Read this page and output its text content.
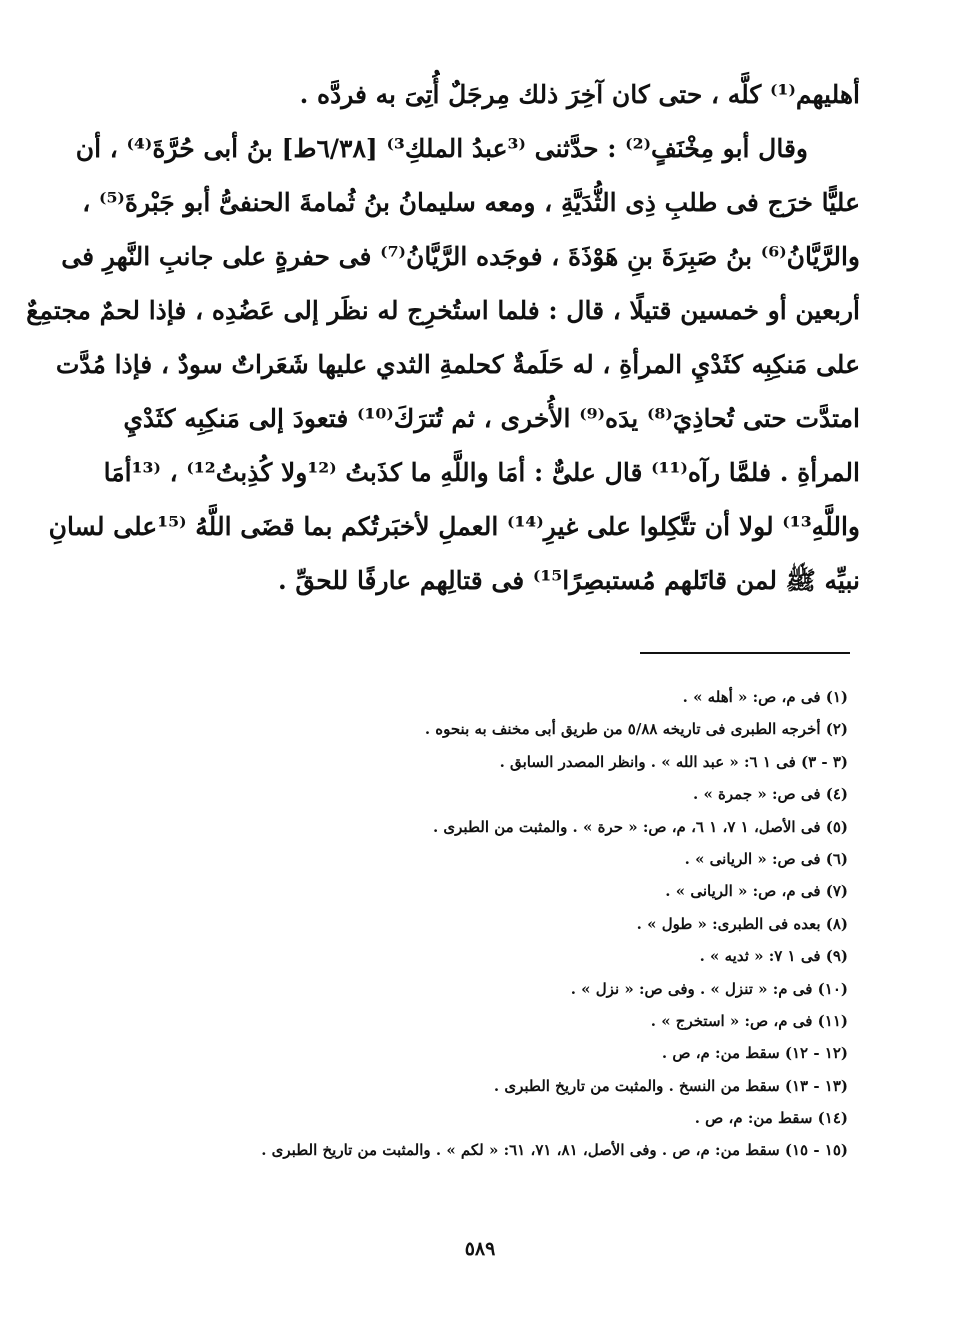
أهليهم⁽¹⁾ كلَّه ، حتى كان آخِرَ ذلك مِرجَلٌ أُتِىَ به فردَّه .
وقال أبو مِخْنَفٍ⁽²⁾ : حدَّثنى ⁽³عبدُ الملكِ³⁾ [٦/٣٨ط] بنُ أبى حُرَّةَ⁽⁴⁾ ، أن
عليًّا خرَج فى طلبِ ذِى الثُّدَيَّةِ ، ومعه سليمانُ بنُ ثُمامةَ الحنفىُّ أبو جَبْرةَ⁽⁵⁾ ،
والرَّيَّانُ⁽⁶⁾ بنُ صَبِرَةَ بنِ هَوْذَةَ ، فوجَده الرَّيَّانُ⁽⁷⁾ فى حفرةٍ على جانبِ النَّهرِ فى
أربعين أو خمسين قتيلًا ، قال : فلما استُخرِج له نظَر إلى عَضُدِه ، فإذا لحمٌ مجتمِعٌ
على مَنكِبِه كثَدْيِ المرأةِ ، له حَلَمةٌ كحلمةِ الثدي عليها شَعَراتٌ سودٌ ، فإذا مُدَّت
امتدَّت حتى تُحاذِيَ⁽⁸⁾ يدَه⁽⁹⁾ الأُخرى ، ثم تُترَكَ⁽¹⁰⁾ فتعودَ إلى مَنكِبِه كثَدْيِ
المرأةِ . فلمَّا رآه⁽¹¹⁾ قال علىٌّ : أمَا واللَّهِ ما كذَبتُ ⁽¹²ولا كُذِبتُ¹²⁾ ، ⁽¹³أمَا
واللَّهِ¹³⁾ لولا أن تتَّكِلوا على غيرِ⁽¹⁴⁾ العملِ لأخبَرتُكم بما قضَى اللَّهُ ⁽¹⁵على لسانِ
نبيِّه ﷺ لمن قاتَلهم مُستبصِرًا¹⁵⁾ فى قتالِهم عارفًا للحقِّ .
(١) فى م، ص: « أهله » .
(٢) أخرجه الطبرى فى تاريخه ٥/٨٨ من طريق أبى مخنف به بنحوه .
(٣ - ٣) فى ١ ٦: « عبد الله » . وانظر المصدر السابق .
(٤) فى ص: « جمرة » .
(٥) فى الأصل، ١ ٧، ١ ٦، م، ص: « حرة » . والمثبت من الطبرى .
(٦) فى ص: « الريانى » .
(٧) فى م، ص: « الريانى » .
(٨) بعده فى الطبرى: « طول » .
(٩) فى ١ ٧: « ثديه » .
(١٠) فى م: « تنزل » . وفى ص: « نزل » .
(١١) فى م، ص: « استخرج » .
(١٢ - ١٢) سقط من: م، ص .
(١٣ - ١٣) سقط من النسخ . والمثبت من تاريخ الطبرى .
(١٤) سقط من: م، ص .
(١٥ - ١٥) سقط من: م، ص . وفى الأصل، ٨١، ٧١، ٦١: « لكم » . والمثبت من تاريخ الطبرى .
٥٨٩
